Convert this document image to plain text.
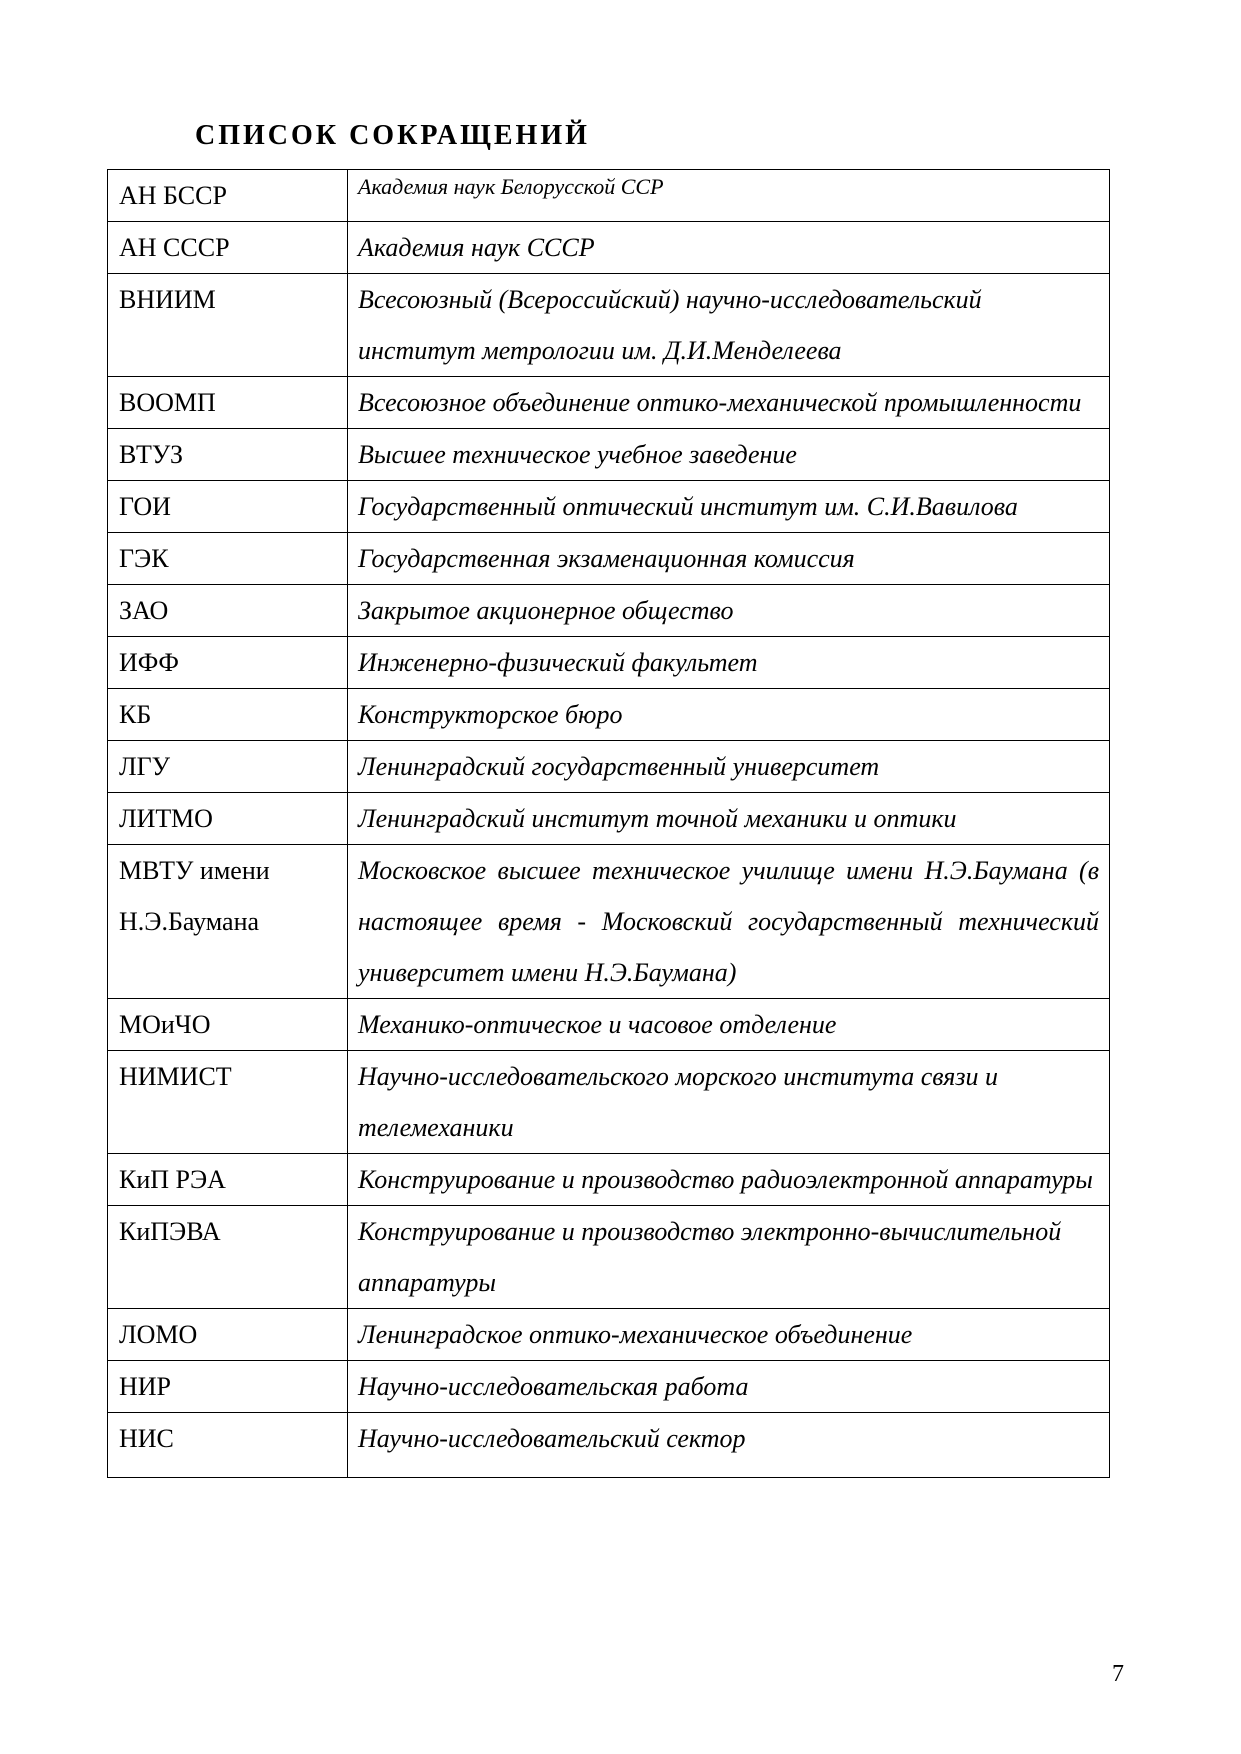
СПИСОК СОКРАЩЕНИЙ
АН БССР	Академия наук Белорусской ССР
АН СССР	Академия наук СССР
ВНИИМ	Всесоюзный (Всероссийский) научно-исследовательский институт метрологии им. Д.И.Менделеева
ВООМП	Всесоюзное объединение оптико-механической промышленности
ВТУЗ	Высшее техническое учебное заведение
ГОИ	Государственный оптический институт им. С.И.Вавилова
ГЭК	Государственная экзаменационная комиссия
ЗАО	Закрытое акционерное общество
ИФФ	Инженерно-физический факультет
КБ	Конструкторское бюро
ЛГУ	Ленинградский государственный университет
ЛИТМО	Ленинградский институт точной механики и оптики
МВТУ имени Н.Э.Баумана	Московское высшее техническое училище имени Н.Э.Баумана (в настоящее время - Московский государственный технический университет имени Н.Э.Баумана)
МОиЧО	Механико-оптическое и часовое отделение
НИМИСТ	Научно-исследовательского морского института связи и телемеханики
КиП РЭА	Конструирование и производство радиоэлектронной аппаратуры
КиПЭВА	Конструирование и производство электронно-вычислительной аппаратуры
ЛОМО	Ленинградское оптико-механическое объединение
НИР	Научно-исследовательская работа
НИС	Научно-исследовательский сектор
7
